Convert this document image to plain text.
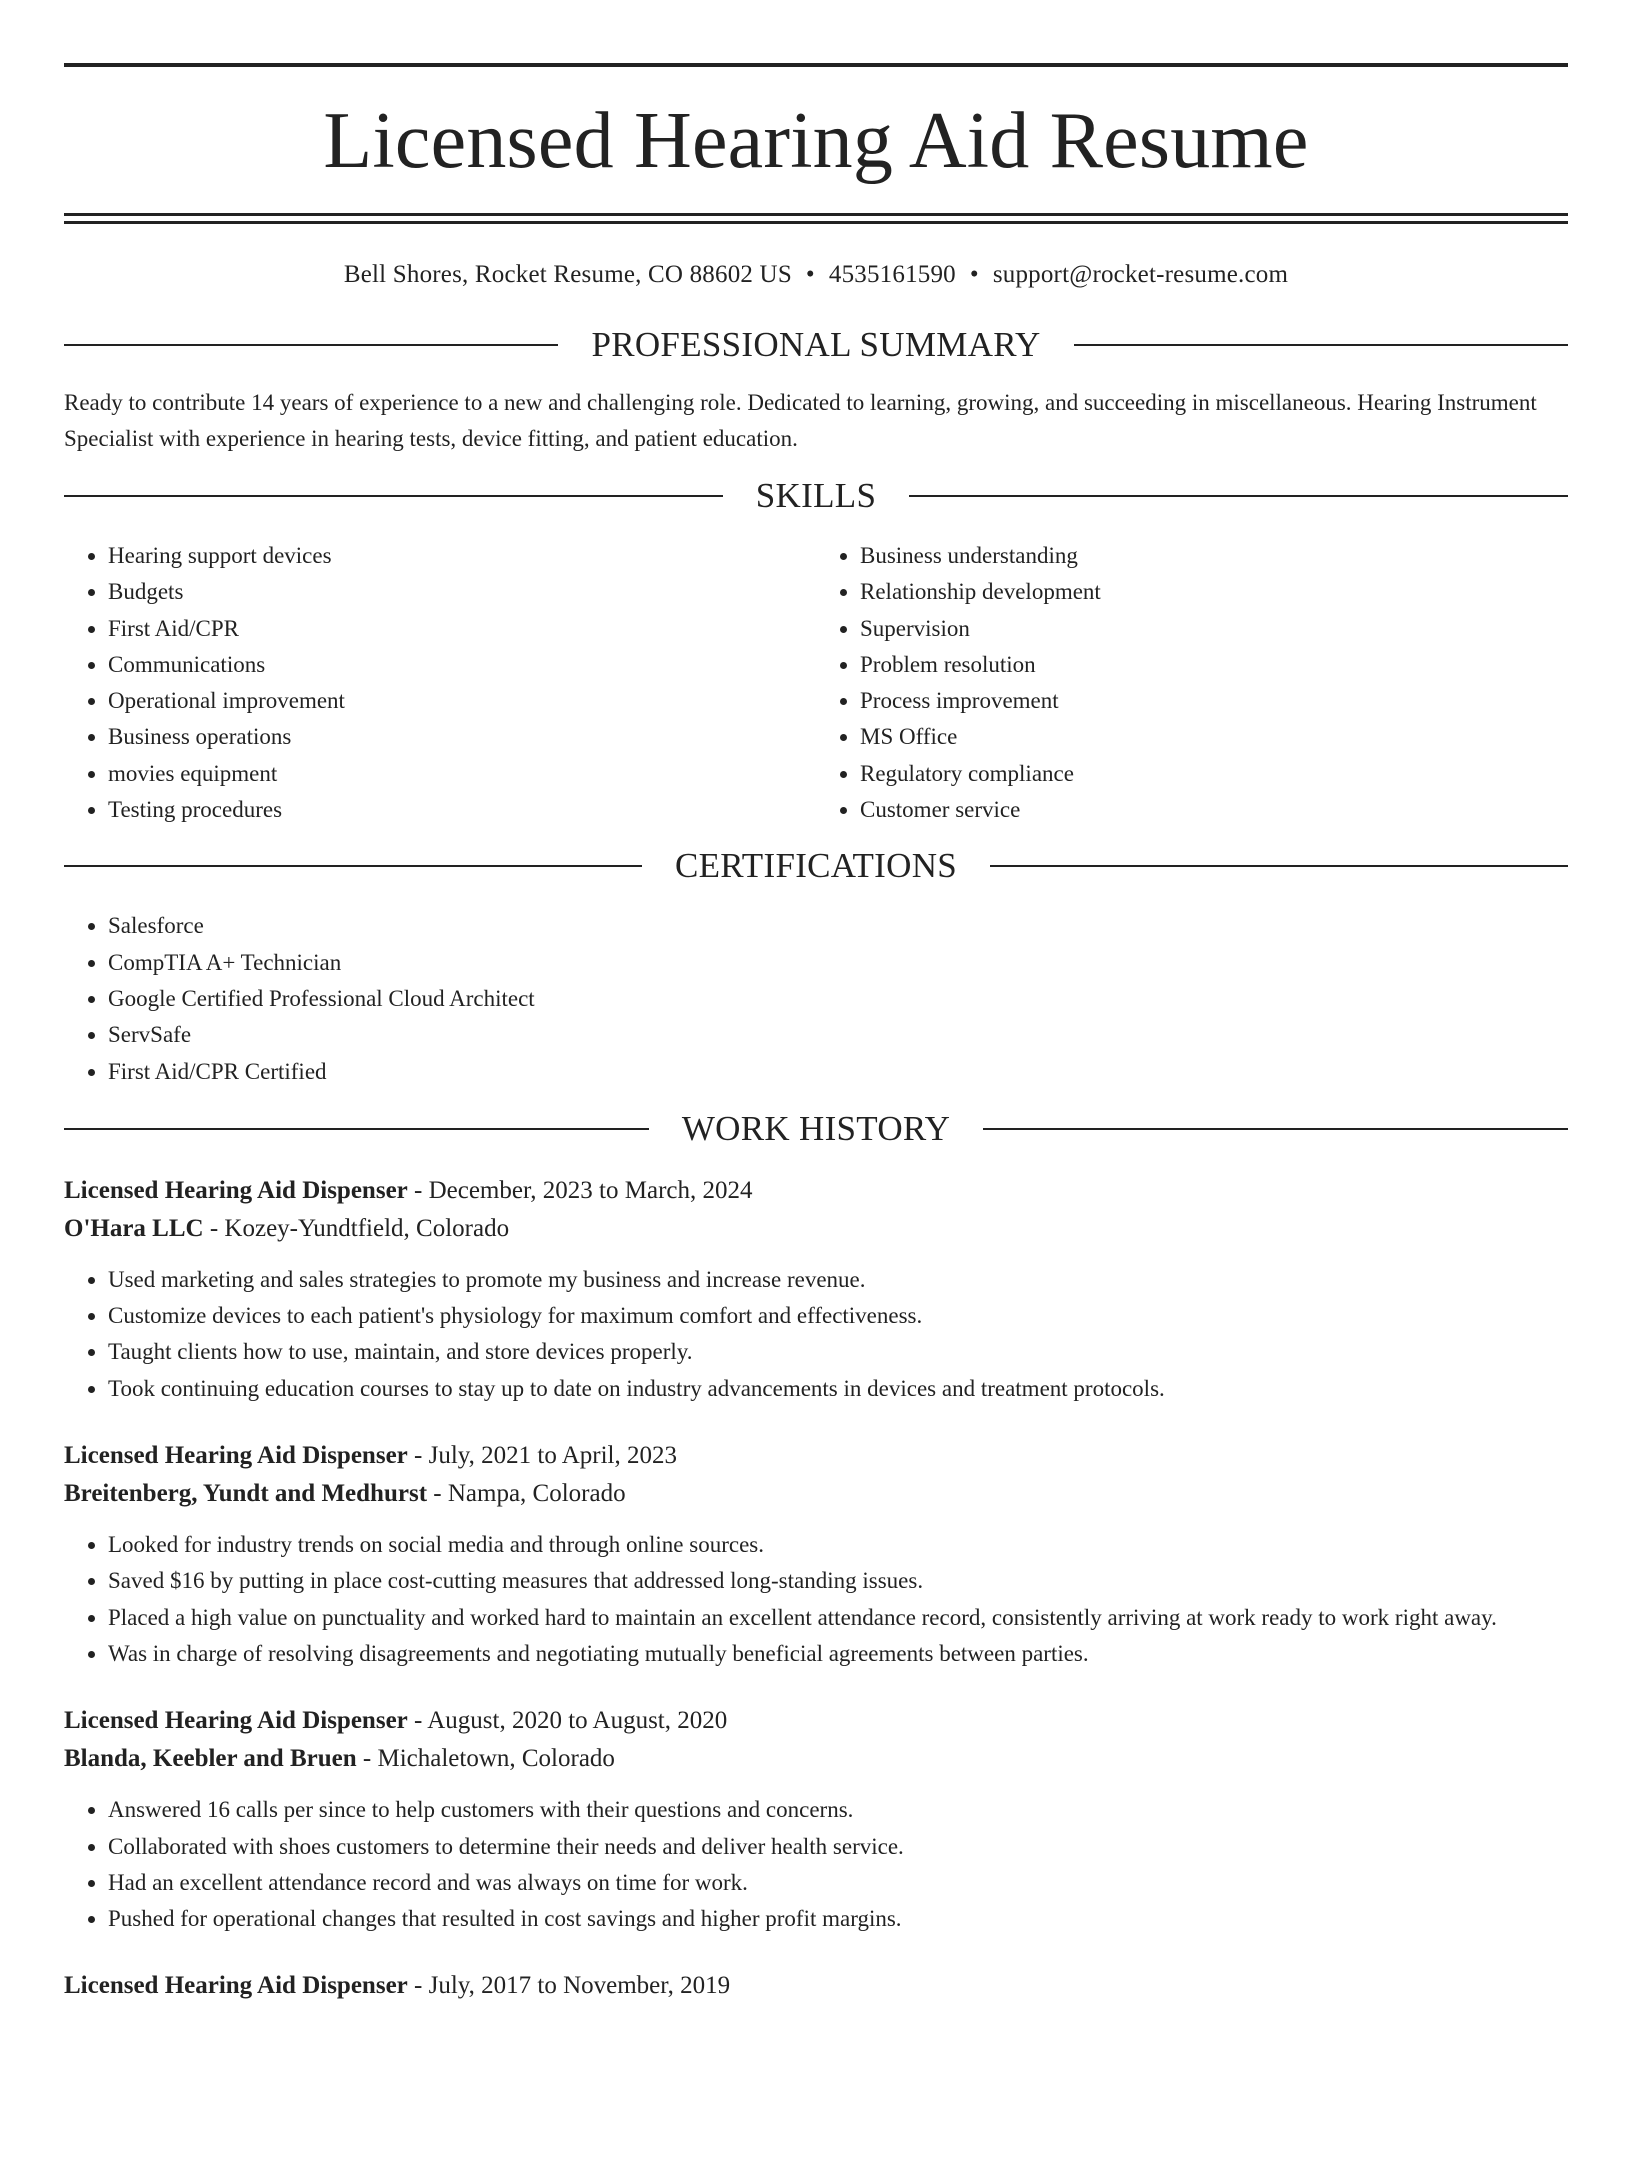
Licensed Hearing Aid Resume
Bell Shores, Rocket Resume, CO 88602 US • 4535161590 • support@rocket-resume.com
PROFESSIONAL SUMMARY

Ready to contribute 14 years of experience to a new and challenging role. Dedicated to learning, growing, and succeeding in miscellaneous. Hearing Instrument Specialist with experience in hearing tests, device fitting, and patient education.

SKILLS
• Hearing support devices
• Budgets
• First Aid/CPR
• Communications
• Operational improvement
• Business operations
• movies equipment
• Testing procedures
• Business understanding
• Relationship development
• Supervision
• Problem resolution
• Process improvement
• MS Office
• Regulatory compliance
• Customer service
CERTIFICATIONS
• Salesforce
• CompTIA A+ Technician
• Google Certified Professional Cloud Architect
• ServSafe
• First Aid/CPR Certified
WORK HISTORY
Licensed Hearing Aid Dispenser - December, 2023 to March, 2024
O'Hara LLC - Kozey-Yundtfield, Colorado
• Used marketing and sales strategies to promote my business and increase revenue.
• Customize devices to each patient's physiology for maximum comfort and effectiveness.
• Taught clients how to use, maintain, and store devices properly.
• Took continuing education courses to stay up to date on industry advancements in devices and treatment protocols.
Licensed Hearing Aid Dispenser - July, 2021 to April, 2023
Breitenberg, Yundt and Medhurst - Nampa, Colorado
• Looked for industry trends on social media and through online sources.
• Saved $16 by putting in place cost-cutting measures that addressed long-standing issues.
• Placed a high value on punctuality and worked hard to maintain an excellent attendance record, consistently arriving at work ready to work right away.
• Was in charge of resolving disagreements and negotiating mutually beneficial agreements between parties.
Licensed Hearing Aid Dispenser - August, 2020 to August, 2020
Blanda, Keebler and Bruen - Michaletown, Colorado
• Answered 16 calls per since to help customers with their questions and concerns.
• Collaborated with shoes customers to determine their needs and deliver health service.
• Had an excellent attendance record and was always on time for work.
• Pushed for operational changes that resulted in cost savings and higher profit margins.
Licensed Hearing Aid Dispenser - July, 2017 to November, 2019
